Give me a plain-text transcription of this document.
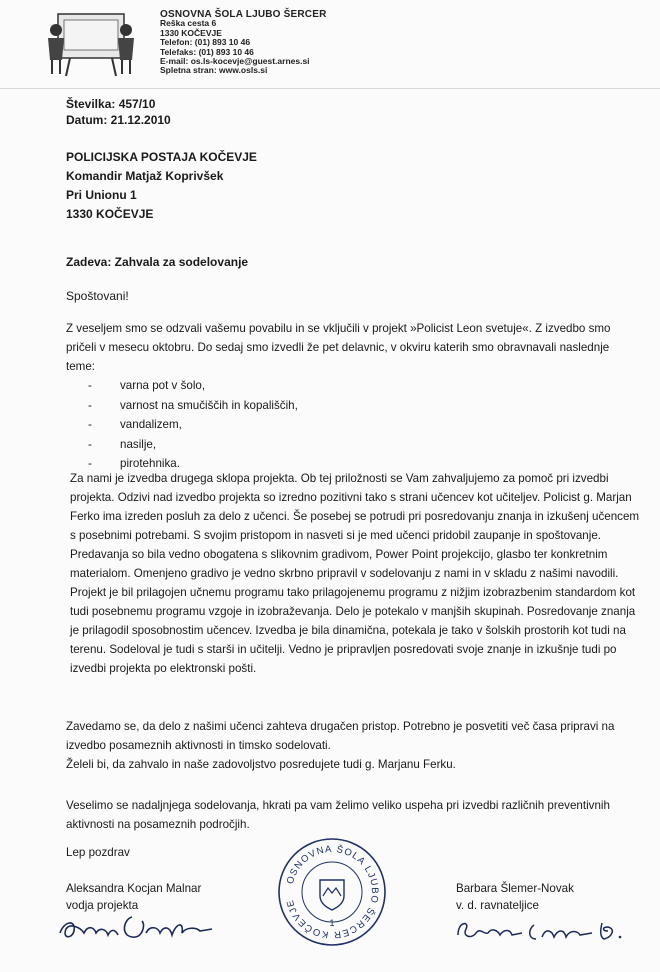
OSNOVNA ŠOLA LJUBO ŠERCER
Reška cesta 6
1330 KOČEVJE
Telefon: (01) 893 10 46
Telefaks: (01) 893 10 46
E-mail: os.ls-kocevje@guest.arnes.si
Spletna stran: www.osls.si
Številka: 457/10
Datum: 21.12.2010
POLICIJSKA POSTAJA KOČEVJE
Komandir Matjaž Koprivšek
Pri Unionu 1
1330 KOČEVJE
Zadeva: Zahvala za sodelovanje
Spoštovani!
Z veseljem smo se odzvali vašemu povabilu in se vključili v projekt »Policist Leon svetuje«. Z izvedbo smo pričeli v mesecu oktobru. Do sedaj smo izvedli že pet delavnic, v okviru katerih smo obravnavali naslednje teme:
- varna pot v šolo,
- varnost na smučiščih in kopališčih,
- vandalizem,
- nasilje,
- pirotehnika.
Za nami je izvedba drugega sklopa projekta. Ob tej priložnosti se Vam zahvaljujemo za pomoč pri izvedbi projekta. Odzivi nad izvedbo projekta so izredno pozitivni tako s strani učencev kot učiteljev. Policist g. Marjan Ferko ima izreden posluh za delo z učenci. Še posebej se potrudi pri posredovanju znanja in izkušenj učencem s posebnimi potrebami. S svojim pristopom in nasveti si je med učenci pridobil zaupanje in spoštovanje. Predavanja so bila vedno obogatena s slikovnim gradivom, Power Point projekcijo, glasbo ter konkretnim materialom. Omenjeno gradivo je vedno skrbno pripravil v sodelovanju z nami in v skladu z našimi navodili. Projekt je bil prilagojen učnemu programu tako prilagojenemu programu z nižjim izobrazbenim standardom kot tudi posebnemu programu vzgoje in izobraževanja. Delo je potekalo v manjših skupinah. Posredovanje znanja je prilagodil sposobnostim učencev. Izvedba je bila dinamična, potekala je tako v šolskih prostorih kot tudi na terenu. Sodeloval je tudi s starši in učitelji. Vedno je pripravljen posredovati svoje znanje in izkušnje tudi po izvedbi projekta po elektronski pošti.
Zavedamo se, da delo z našimi učenci zahteva drugačen pristop. Potrebno je posvetiti več časa pripravi na izvedbo posameznih aktivnosti in timsko sodelovati.
Želeli bi, da zahvalo in naše zadovoljstvo posredujete tudi g. Marjanu Ferku.
Veselimo se nadaljnjega sodelovanja, hkrati pa vam želimo veliko uspeha pri izvedbi različnih preventivnih aktivnosti na posameznih področjih.
Lep pozdrav
Aleksandra Kocjan Malnar
vodja projekta
OSNOVNA ŠOLA LJUBO ŠERCER KOČEVJE
1
Barbara Šlemer-Novak
v. d. ravnateljice
